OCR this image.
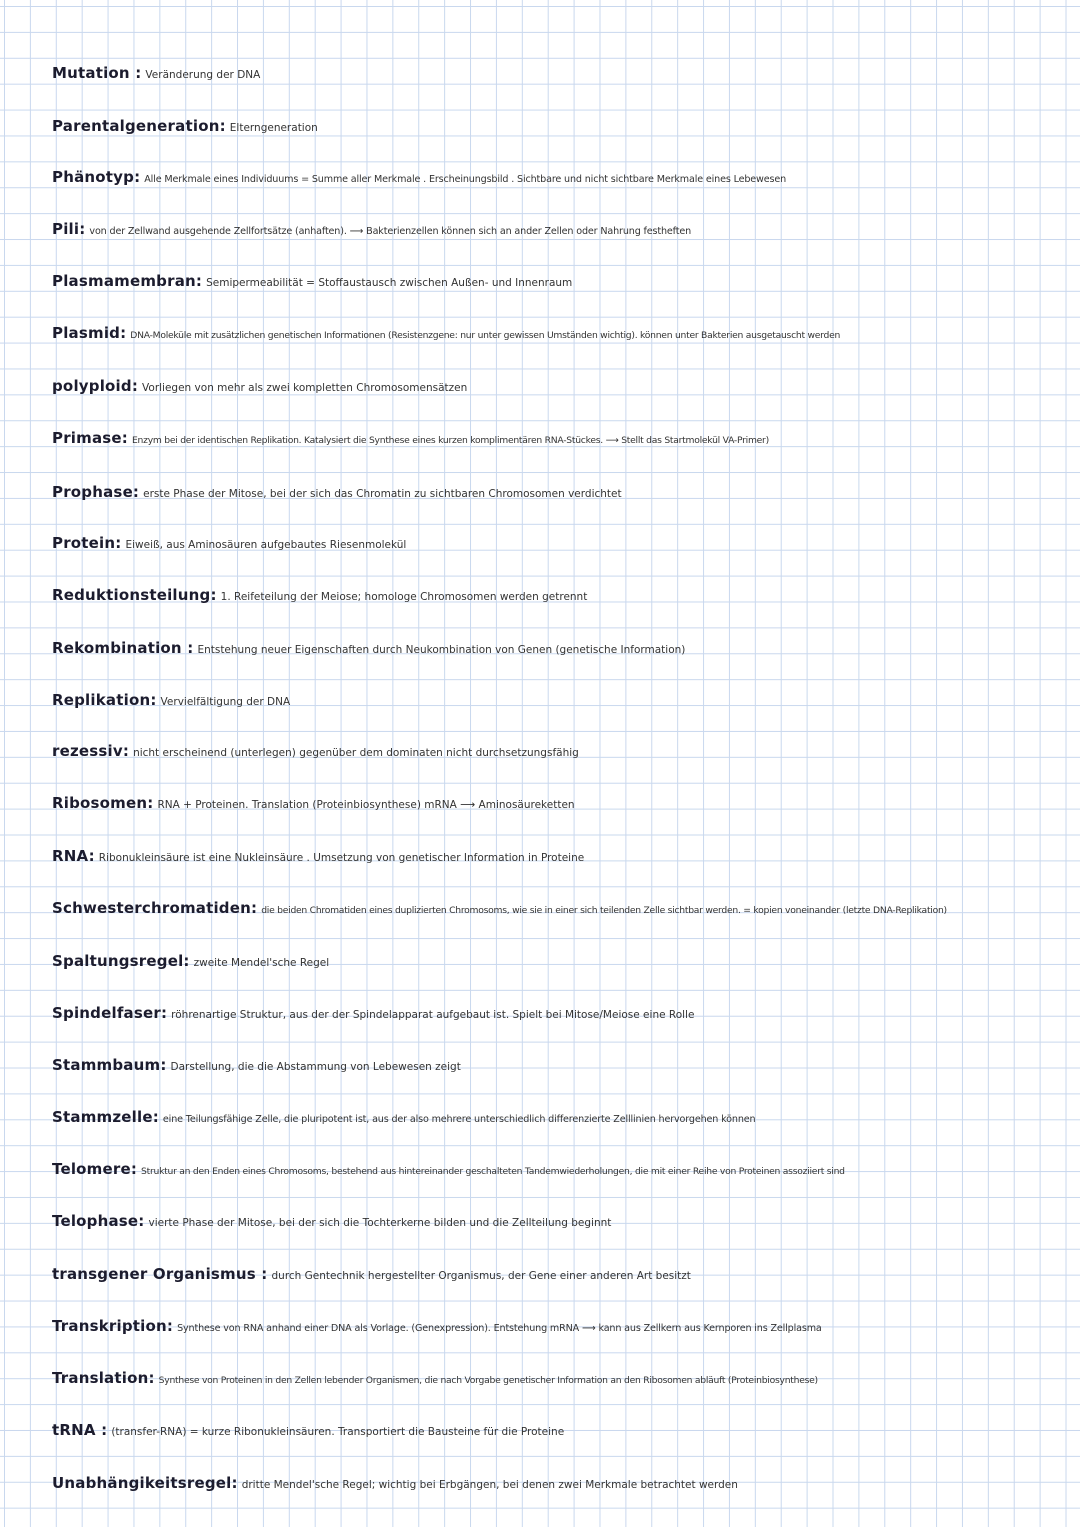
Mutation : Veränderung der DNA
Parentalgeneration: Elterngeneration
Phänotyp: Alle Merkmale eines Individuums = Summe aller Merkmale . Erscheinungsbild . Sichtbare und nicht sichtbare Merkmale eines Lebewesen
Pili: von der Zellwand ausgehende Zellfortsätze (anhaften). ⟶ Bakterienzellen können sich an ander Zellen oder Nahrung festheften
Plasmamembran: Semipermeabilität = Stoffaustausch zwischen Außen- und Innenraum
Plasmid: DNA-Moleküle mit zusätzlichen genetischen Informationen (Resistenzgene: nur unter gewissen Umständen wichtig). können unter Bakterien ausgetauscht werden
polyploid: Vorliegen von mehr als zwei kompletten Chromosomensätzen
Primase: Enzym bei der identischen Replikation. Katalysiert die Synthese eines kurzen komplimentären RNA-Stückes. ⟶ Stellt das Startmolekül VA-Primer)
Prophase: erste Phase der Mitose, bei der sich das Chromatin zu sichtbaren Chromosomen verdichtet
Protein: Eiweiß, aus Aminosäuren aufgebautes Riesenmolekül
Reduktionsteilung: 1. Reifeteilung der Meiose; homologe Chromosomen werden getrennt
Rekombination : Entstehung neuer Eigenschaften durch Neukombination von Genen (genetische Information)
Replikation: Vervielfältigung der DNA
rezessiv: nicht erscheinend (unterlegen) gegenüber dem dominaten nicht durchsetzungsfähig
Ribosomen: RNA + Proteinen. Translation (Proteinbiosynthese) mRNA ⟶ Aminosäureketten
RNA: Ribonukleinsäure ist eine Nukleinsäure . Umsetzung von genetischer Information in Proteine
Schwesterchromatiden: die beiden Chromatiden eines duplizierten Chromosoms, wie sie in einer sich teilenden Zelle sichtbar werden. = kopien voneinander (letzte DNA-Replikation)
Spaltungsregel: zweite Mendel'sche Regel
Spindelfaser: röhrenartige Struktur, aus der der Spindelapparat aufgebaut ist. Spielt bei Mitose/Meiose eine Rolle
Stammbaum: Darstellung, die die Abstammung von Lebewesen zeigt
Stammzelle: eine Teilungsfähige Zelle, die pluripotent ist, aus der also mehrere unterschiedlich differenzierte Zelllinien hervorgehen können
Telomere: Struktur an den Enden eines Chromosoms, bestehend aus hintereinander geschalteten Tandemwiederholungen, die mit einer Reihe von Proteinen assoziiert sind
Telophase: vierte Phase der Mitose, bei der sich die Tochterkerne bilden und die Zellteilung beginnt
transgener Organismus : durch Gentechnik hergestellter Organismus, der Gene einer anderen Art besitzt
Transkription: Synthese von RNA anhand einer DNA als Vorlage. (Genexpression). Entstehung mRNA ⟶ kann aus Zellkern aus Kernporen ins Zellplasma
Translation: Synthese von Proteinen in den Zellen lebender Organismen, die nach Vorgabe genetischer Information an den Ribosomen abläuft (Proteinbiosynthese)
tRNA : (transfer-RNA) = kurze Ribonukleinsäuren. Transportiert die Bausteine für die Proteine
Unabhängikeitsregel: dritte Mendel'sche Regel; wichtig bei Erbgängen, bei denen zwei Merkmale betrachtet werden
